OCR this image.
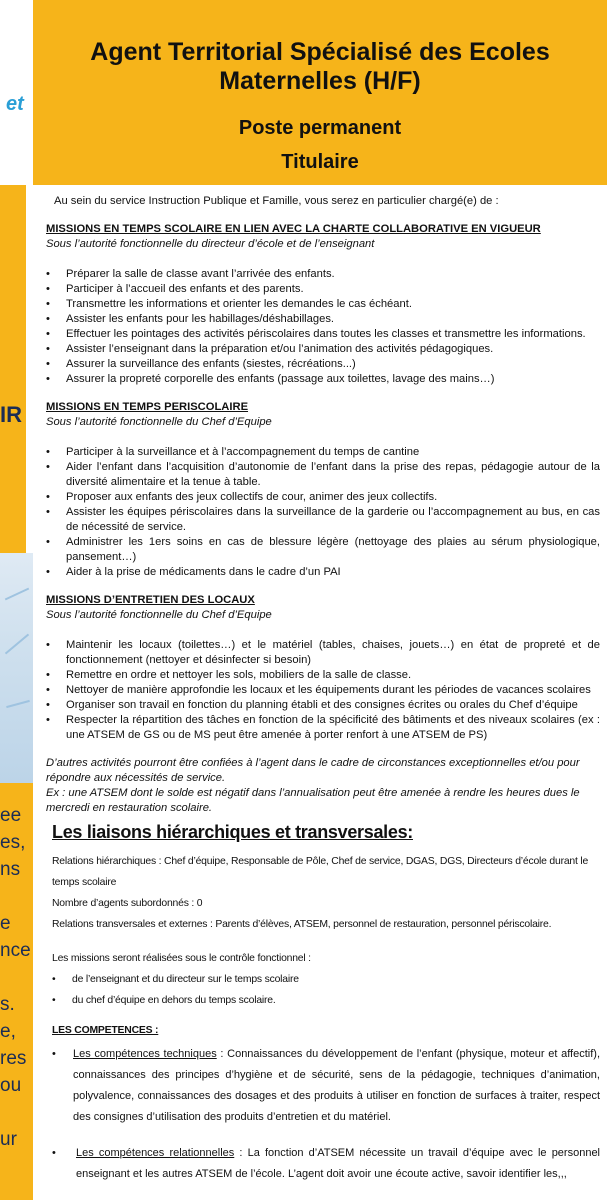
et
IR
ee
es,
ns
e
nce
s.
e,
res
ou
ur
Agent Territorial Spécialisé des Ecoles
Maternelles (H/F)
Poste permanent
Titulaire
Au sein du service Instruction Publique et Famille, vous serez en particulier chargé(e) de :
MISSIONS EN TEMPS SCOLAIRE EN LIEN AVEC LA CHARTE COLLABORATIVE EN VIGUEUR
Sous l’autorité fonctionnelle du directeur d’école et de l’enseignant
• Préparer la salle de classe avant l’arrivée des enfants.
• Participer à l’accueil des enfants et des parents.
• Transmettre les informations et orienter les demandes le cas échéant.
• Assister les enfants pour les habillages/déshabillages.
• Effectuer les pointages des activités périscolaires dans toutes les classes et transmettre les informations.
• Assister l’enseignant dans la préparation et/ou l’animation des activités pédagogiques.
• Assurer la surveillance des enfants (siestes, récréations...)
• Assurer la propreté corporelle des enfants (passage aux toilettes, lavage des mains…)
MISSIONS EN TEMPS PERISCOLAIRE
Sous l’autorité fonctionnelle du Chef d’Equipe
• Participer à la surveillance et à l’accompagnement du temps de cantine
• Aider l’enfant dans l’acquisition d’autonomie de l’enfant dans la prise des repas, pédagogie autour de la diversité alimentaire et la tenue à table.
• Proposer aux enfants des jeux collectifs de cour, animer des jeux collectifs.
• Assister les équipes périscolaires dans la surveillance de la garderie ou l’accompagnement au bus, en cas de nécessité de service.
• Administrer les 1ers soins en cas de blessure légère (nettoyage des plaies au sérum physiologique, pansement…)
• Aider à la prise de médicaments dans le cadre d’un PAI
MISSIONS D’ENTRETIEN DES LOCAUX
Sous l’autorité fonctionnelle du Chef d’Equipe
• Maintenir les locaux (toilettes…) et le matériel (tables, chaises, jouets…) en état de propreté et de fonctionnement (nettoyer et désinfecter si besoin)
• Remettre en ordre et nettoyer les sols, mobiliers de la salle de classe.
• Nettoyer de manière approfondie les locaux et les équipements durant les périodes de vacances scolaires
• Organiser son travail en fonction du planning établi et des consignes écrites ou orales du Chef d’équipe
• Respecter la répartition des tâches en fonction de la spécificité des bâtiments et des niveaux scolaires (ex : une ATSEM de GS ou de MS peut être amenée à porter renfort à une ATSEM de PS)
D’autres activités pourront être confiées à l’agent dans le cadre de circonstances exceptionnelles et/ou pour répondre aux nécessités de service.
Ex : une ATSEM dont le solde est négatif dans l’annualisation peut être amenée à rendre les heures dues le mercredi en restauration scolaire.
Les liaisons hiérarchiques et transversales:
Relations hiérarchiques : Chef d’équipe, Responsable de Pôle, Chef de service, DGAS, DGS, Directeurs d’école durant le temps scolaire
Nombre d’agents subordonnés : 0
Relations transversales et externes : Parents d’élèves, ATSEM, personnel de restauration, personnel périscolaire.
Les missions seront réalisées sous le contrôle fonctionnel :
• de l’enseignant et du directeur sur le temps scolaire
• du chef d’équipe en dehors du temps scolaire.
LES COMPETENCES :
• Les compétences techniques : Connaissances du développement de l’enfant (physique, moteur et affectif), connaissances des principes d’hygiène et de sécurité, sens de la pédagogie, techniques d’animation, polyvalence, connaissances des dosages et des produits à utiliser en fonction de surfaces à traiter, respect des consignes d’utilisation des produits d’entretien et du matériel.
• Les compétences relationnelles : La fonction d’ATSEM nécessite un travail d’équipe avec le personnel enseignant et les autres ATSEM de l’école. L’agent doit avoir une écoute active, savoir identifier les,,,
